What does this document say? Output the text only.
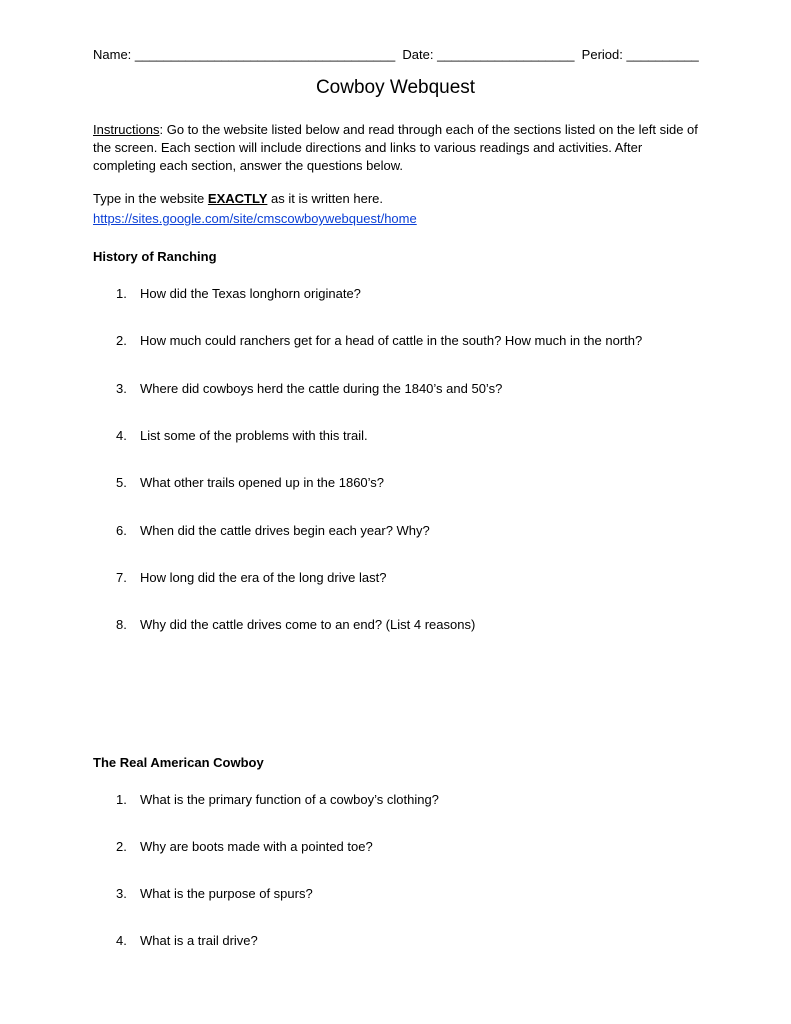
Name: ____________________________________  Date: ___________________  Period: __________
Cowboy Webquest
Instructions: Go to the website listed below and read through each of the sections listed on the left side of the screen. Each section will include directions and links to various readings and activities. After completing each section, answer the questions below.
Type in the website EXACTLY as it is written here.
https://sites.google.com/site/cmscowboywebquest/home
History of Ranching
1. How did the Texas longhorn originate?
2. How much could ranchers get for a head of cattle in the south? How much in the north?
3. Where did cowboys herd the cattle during the 1840’s and 50’s?
4. List some of the problems with this trail.
5. What other trails opened up in the 1860’s?
6. When did the cattle drives begin each year? Why?
7. How long did the era of the long drive last?
8. Why did the cattle drives come to an end? (List 4 reasons)
The Real American Cowboy
1. What is the primary function of a cowboy’s clothing?
2. Why are boots made with a pointed toe?
3. What is the purpose of spurs?
4. What is a trail drive?
